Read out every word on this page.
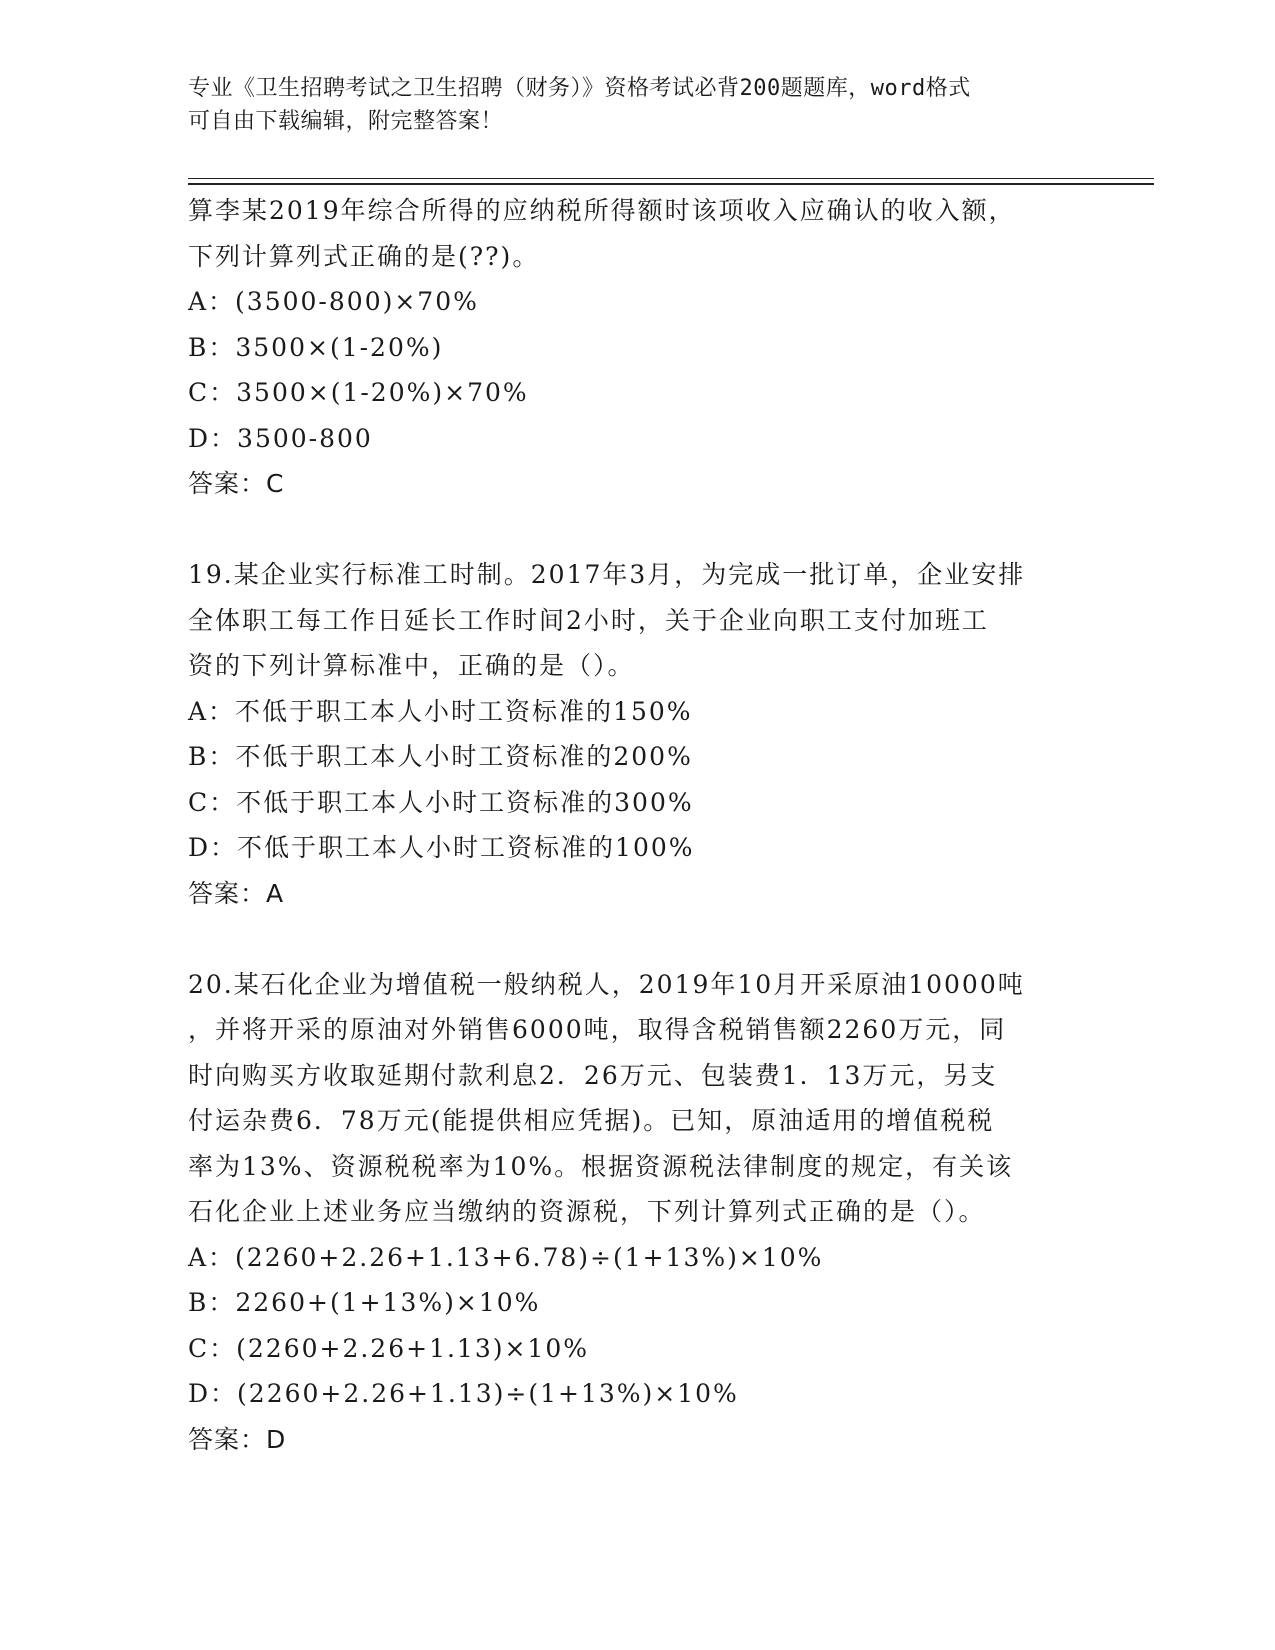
专业《卫生招聘考试之卫生招聘（财务）》资格考试必背200题题库，word格式
可自由下载编辑，附完整答案！
算李某2019年综合所得的应纳税所得额时该项收入应确认的收入额，
下列计算列式正确的是(??)。
A：(3500-800)×70%
B：3500×(1-20%)
C：3500×(1-20%)×70%
D：3500-800
答案：C
19.某企业实行标准工时制。2017年3月，为完成一批订单，企业安排
全体职工每工作日延长工作时间2小时，关于企业向职工支付加班工
资的下列计算标准中，正确的是（）。
A：不低于职工本人小时工资标准的150%
B：不低于职工本人小时工资标准的200%
C：不低于职工本人小时工资标准的300%
D：不低于职工本人小时工资标准的100%
答案：A
20.某石化企业为增值税一般纳税人，2019年10月开采原油10000吨
，并将开采的原油对外销售6000吨，取得含税销售额2260万元，同
时向购买方收取延期付款利息2．26万元、包装费1．13万元，另支
付运杂费6．78万元(能提供相应凭据)。已知，原油适用的增值税税
率为13%、资源税税率为10%。根据资源税法律制度的规定，有关该
石化企业上述业务应当缴纳的资源税，下列计算列式正确的是（）。
A：(2260+2.26+1.13+6.78)÷(1+13%)×10%
B：2260+(1+13%)×10%
C：(2260+2.26+1.13)×10%
D：(2260+2.26+1.13)÷(1+13%)×10%
答案：D
